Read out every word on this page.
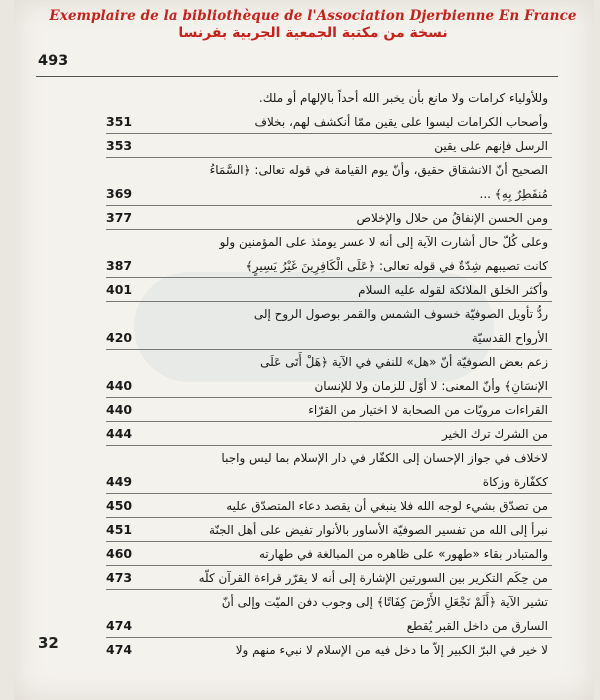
Exemplaire de la bibliothèque de l'Association Djerbienne En France
نسخة من مكتبة الجمعية الجربية بفرنسا
493
وللأولياء كرامات ولا مانع بأن يخبر الله أحداً بالإلهام أو ملك.
وأصحاب الكرامات ليسوا على يقين ممّا أنكشف لهم، بخلاف
351
الرسل فإنهم على يقين
353
الصحيح أنّ الانشقاق حقيق، وأنّ يوم القيامة في قوله تعالى: ﴿السَّمَاءُ
مُنفَطِرٌ بِهِ﴾ ...
369
ومن الحسن الإنفاقُ من حلال والإخلاص
377
وعلى كُلّ حال أشارت الآية إلى أنه لا عسر يومئذ على المؤمنين ولو
كانت تصيبهم شِدّةٌ في قوله تعالى: ﴿عَلَى الْكَافِرِينَ غَيْرُ يَسِيرٍ﴾
387
وأكثر الخلق الملائكة لقوله عليه السلام
401
ردُّ تأويل الصوفيّة خسوف الشمس والقمر بوصول الروح إلى
الأرواح القدسيّة
420
زعم بعض الصوفيّة أنّ «هل» للنفي في الآية ﴿هَلْ أَتَى عَلَى
الإنسَانِ﴾ وأنّ المعنى: لا أوّل للزمان ولا للإنسان
440
القراءات مرويّات من الصحابة لا اختيار من القرّاء
440
من الشرك ترك الخير
444
لاخلاف في جواز الإحسان إلى الكفّار في دار الإسلام بما ليس واجبا
ككفّارة وزكاة
449
من تصدّق بشيء لوجه الله فلا ينبغي أن يقصد دعاء المتصدّق عليه
450
نبرأ إلى الله من تفسير الصوفيّة الأساور بالأنوار تفيض على أهل الجنّة
451
والمتبادر بقاء «طهور» على ظاهره من المبالغة في طهارته
460
من حِكَم التكرير بين السورتين الإشارة إلى أنه لا يقرّر قراءة القرآن كلّه
473
تشير الآية ﴿أَلَمْ نَجْعَلِ الأَرْضَ كِفَاتًا﴾ إلى وجوب دفن الميّت وإلى أنّ
السارق من داخل القبر يُقطع
474
لا خير في البرّ الكبير إلاّ ما دخل فيه من الإسلام لا نبيء منهم ولا
474
32
